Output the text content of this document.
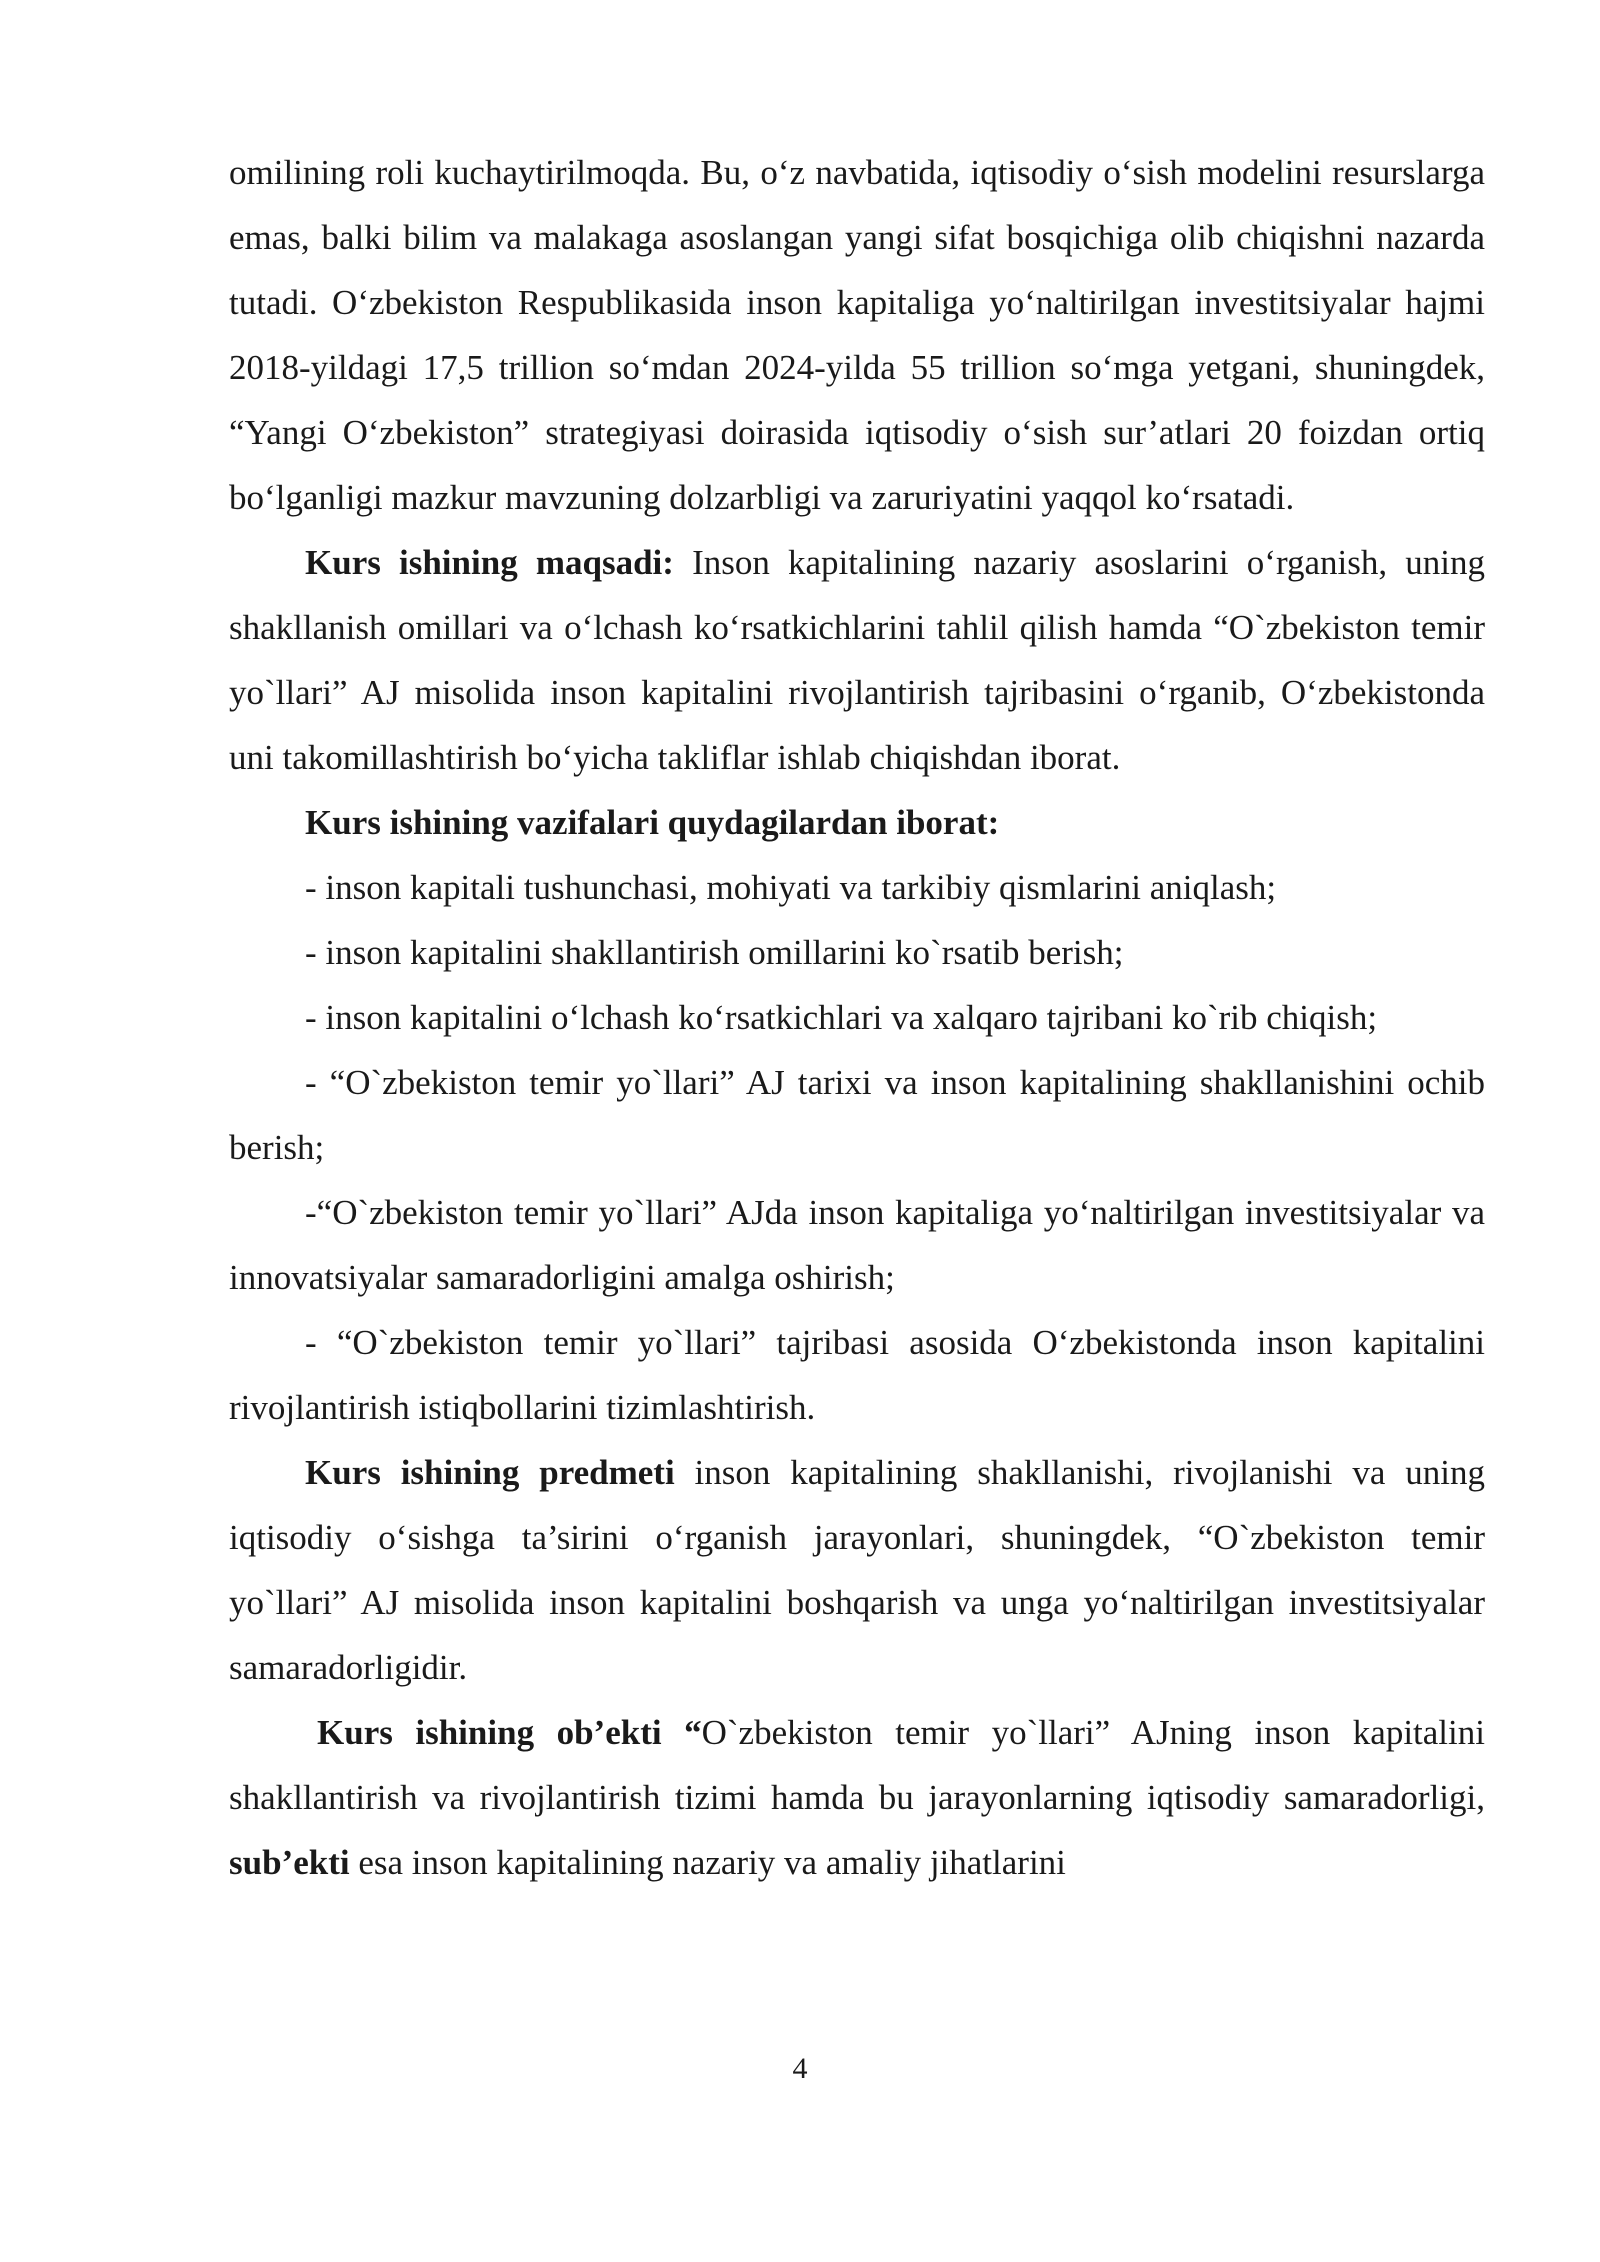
omilining roli kuchaytirilmoqda. Bu, o‘z navbatida, iqtisodiy o‘sish modelini resurslarga emas, balki bilim va malakaga asoslangan yangi sifat bosqichiga olib chiqishni nazarda tutadi. O‘zbekiston Respublikasida inson kapitaliga yo‘naltirilgan investitsiyalar hajmi 2018-yildagi 17,5 trillion so‘mdan 2024-yilda 55 trillion so‘mga yetgani, shuningdek, “Yangi O‘zbekiston” strategiyasi doirasida iqtisodiy o‘sish sur’atlari 20 foizdan ortiq bo‘lganligi mazkur mavzuning dolzarbligi va zaruriyatini yaqqol ko‘rsatadi.

Kurs ishining maqsadi: Inson kapitalining nazariy asoslarini o‘rganish, uning shakllanish omillari va o‘lchash ko‘rsatkichlarini tahlil qilish hamda “O`zbekiston temir yo`llari” AJ misolida inson kapitalini rivojlantirish tajribasini o‘rganib, O‘zbekistonda uni takomillashtirish bo‘yicha takliflar ishlab chiqishdan iborat.

Kurs ishining vazifalari quydagilardan iborat:

- inson kapitali tushunchasi, mohiyati va tarkibiy qismlarini aniqlash;

- inson kapitalini shakllantirish omillarini ko`rsatib berish;

- inson kapitalini o‘lchash ko‘rsatkichlari va xalqaro tajribani ko`rib chiqish;

- “O`zbekiston temir yo`llari” AJ tarixi va inson kapitalining shakllanishini ochib berish;

-“O`zbekiston temir yo`llari” AJda inson kapitaliga yo‘naltirilgan investitsiyalar va innovatsiyalar samaradorligini amalga oshirish;

- “O`zbekiston temir yo`llari” tajribasi asosida O‘zbekistonda inson kapitalini rivojlantirish istiqbollarini tizimlashtirish.

Kurs ishining predmeti inson kapitalining shakllanishi, rivojlanishi va uning iqtisodiy o‘sishga ta’sirini o‘rganish jarayonlari, shuningdek, “O`zbekiston temir yo`llari” AJ misolida inson kapitalini boshqarish va unga yo‘naltirilgan investitsiyalar samaradorligidir.

Kurs ishining ob’ekti “O`zbekiston temir yo`llari” AJning inson kapitalini shakllantirish va rivojlantirish tizimi hamda bu jarayonlarning iqtisodiy samaradorligi, sub’ekti esa inson kapitalining nazariy va amaliy jihatlarini

4
